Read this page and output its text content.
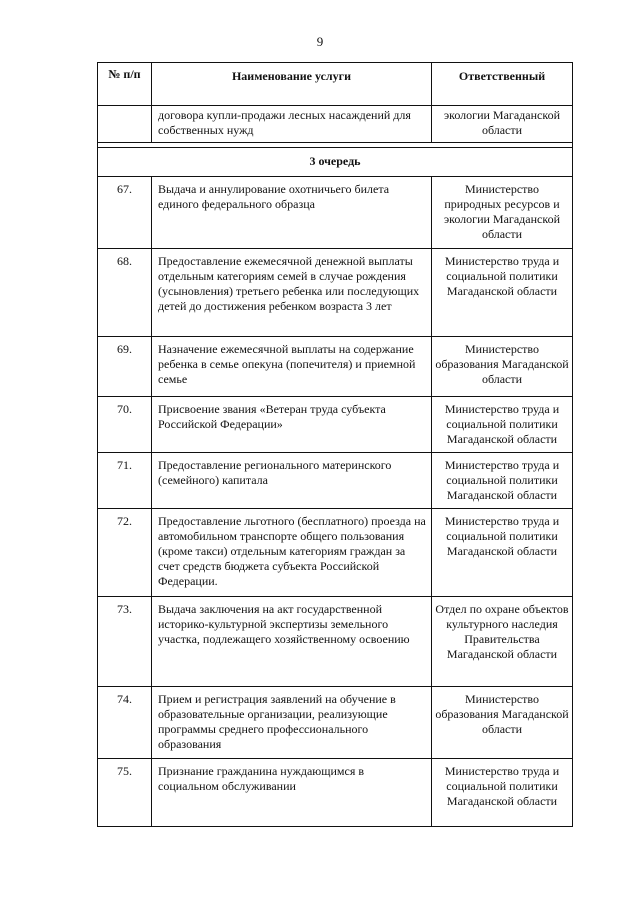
9
№ п/п	Наименование услуги	Ответственный
	договора купли-продажи лесных насаждений для собственных нужд	экологии Магаданской области

3 очередь		
67.	Выдача и аннулирование охотничьего билета единого федерального образца	Министерство природных ресурсов и экологии Магаданской области
68.	Предоставление ежемесячной денежной выплаты отдельным категориям семей в случае рождения (усыновления) третьего ребенка или последующих детей до достижения ребенком возраста 3 лет	Министерство труда и социальной политики Магаданской области
69.	Назначение ежемесячной выплаты на содержание ребенка в семье опекуна (попечителя) и приемной семье	Министерство образования Магаданской области
70.	Присвоение звания «Ветеран труда субъекта Российской Федерации»	Министерство труда и социальной политики Магаданской области
71.	Предоставление регионального материнского (семейного) капитала	Министерство труда и социальной политики Магаданской области
72.	Предоставление льготного (бесплатного) проезда на автомобильном транспорте общего пользования (кроме такси) отдельным категориям граждан за счет средств бюджета субъекта Российской Федерации.	Министерство труда и социальной политики Магаданской области
73.	Выдача заключения на акт государственной историко-культурной экспертизы земельного участка, подлежащего хозяйственному освоению	Отдел по охране объектов культурного наследия Правительства Магаданской области
74.	Прием и регистрация заявлений на обучение в образовательные организации, реализующие программы среднего профессионального образования	Министерство образования Магаданской области
75.	Признание гражданина нуждающимся в социальном обслуживании	Министерство труда и социальной политики Магаданской области
